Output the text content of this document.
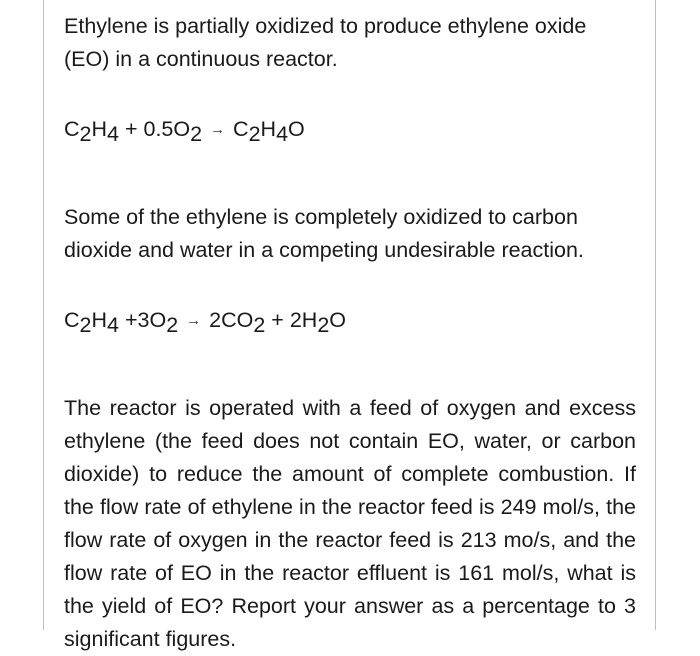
Ethylene is partially oxidized to produce ethylene oxide (EO) in a continuous reactor.

$C_2H_4 + 0.5O_2 \to C_2H_4O$

Some of the ethylene is completely oxidized to carbon dioxide and water in a competing undesirable reaction.

$C_2H_4 +3O_2 \to 2CO_2 + 2H_2O$

The reactor is operated with a feed of oxygen and excess ethylene (the feed does not contain EO, water, or carbon dioxide) to reduce the amount of complete combustion. If the flow rate of ethylene in the reactor feed is 249 mol/s, the flow rate of oxygen in the reactor feed is 213 mo/s, and the flow rate of EO in the reactor effluent is 161 mol/s, what is the yield of EO? Report your answer as a percentage to 3 significant figures.
